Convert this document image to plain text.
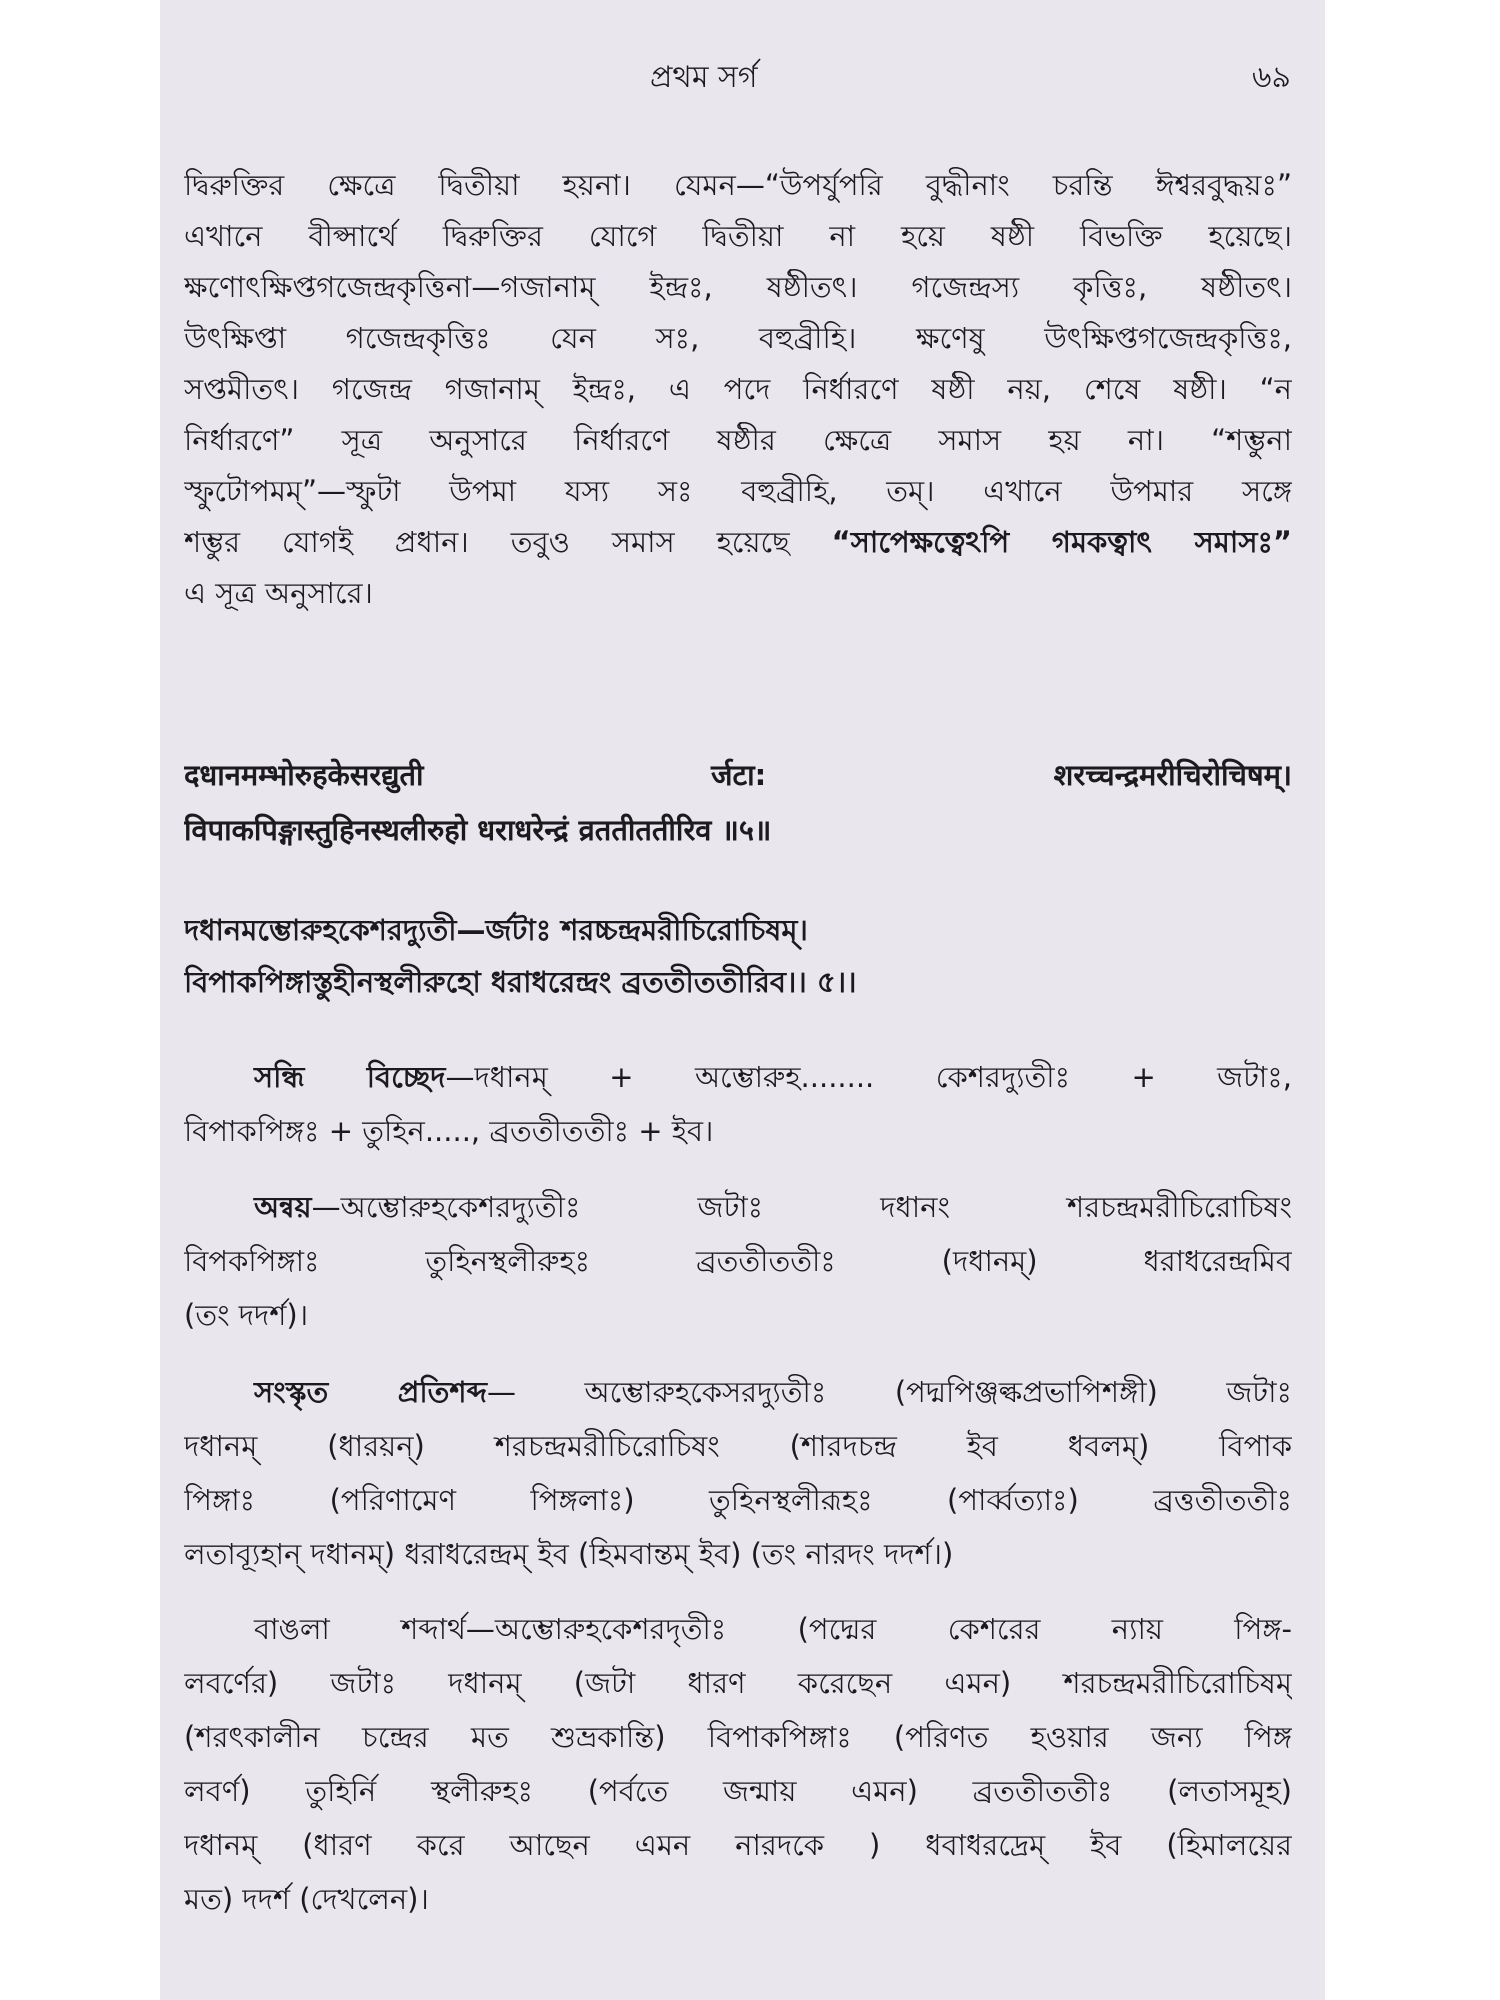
প্রথম সর্গ	৬৯

দ্বিরুক্তির ক্ষেত্রে দ্বিতীয়া হয়না। যেমন—“উপর্যুপরি বুদ্ধীনাং চরন্তি ঈশ্বরবুদ্ধয়ঃ”

এখানে বীপ্সার্থে দ্বিরুক্তির যোগে দ্বিতীয়া না হয়ে ষষ্ঠী বিভক্তি হয়েছে।

ক্ষণোৎক্ষিপ্তগজেন্দ্রকৃত্তিনা—গজানাম্ ইন্দ্রঃ, ষষ্ঠীতৎ। গজেন্দ্রস্য কৃত্তিঃ, ষষ্ঠীতৎ।

উৎক্ষিপ্তা গজেন্দ্রকৃত্তিঃ যেন সঃ, বহুব্রীহি। ক্ষণেষু উৎক্ষিপ্তগজেন্দ্রকৃত্তিঃ,

সপ্তমীতৎ। গজেন্দ্র গজানাম্ ইন্দ্রঃ, এ পদে নির্ধারণে ষষ্ঠী নয়, শেষে ষষ্ঠী। “ন

নির্ধারণে” সূত্র অনুসারে নির্ধারণে ষষ্ঠীর ক্ষেত্রে সমাস হয় না। “শম্ভুনা

স্ফুটোপমম্”—স্ফুটা উপমা যস্য সঃ বহুব্রীহি, তম্। এখানে উপমার সঙ্গে

শম্ভুর যোগই প্রধান। তবুও সমাস হয়েছে “সাপেক্ষত্বেঽপি গমকত্বাৎ সমাসঃ”

এ সূত্র অনুসারে।

दधानमम्भोरुहकेसरद्युती र्जटा: शरच्चन्द्रमरीचिरोचिषम्।

विपाकपिङ्गास्तुहिनस्थलीरुहो धराधरेन्द्रं व्रततीततीरिव ॥५॥

দধানমম্ভোরুহকেশরদ্যুতী—র্জটাঃ শরচ্চন্দ্রমরীচিরোচিষম্।

বিপাকপিঙ্গাস্তুহীনস্থলীরুহো ধরাধরেন্দ্রং ব্রততীততীরিব।। ৫।।

সন্ধি বিচ্ছেদ—দধানম্ + অম্ভোরুহ........ কেশরদ্যুতীঃ + জটাঃ,

বিপাকপিঙ্গঃ + তুহিন....., ব্রততীততীঃ + ইব।

অন্বয়—অম্ভোরুহকেশরদ্যুতীঃ জটাঃ দধানং শরচন্দ্রমরীচিরোচিষং

বিপকপিঙ্গাঃ তুহিনস্থলীরুহঃ ব্রততীততীঃ (দধানম্) ধরাধরেন্দ্রমিব

(তং দদর্শ)।

সংস্কৃত প্রতিশব্দ— অম্ভোরুহকেসরদ্যুতীঃ (পদ্মপিঞ্জল্কপ্রভাপিশঙ্গী) জটাঃ

দধানম্ (ধারয়ন্) শরচন্দ্রমরীচিরোচিষং (শারদচন্দ্র ইব ধবলম্) বিপাক

পিঙ্গাঃ (পরিণামেণ পিঙ্গলাঃ) তুহিনস্থলীরূহঃ (পার্ব্বত্যাঃ) ব্রত্ততীততীঃ

লতাব্যূহান্ দধানম্) ধরাধরেন্দ্রম্ ইব (হিমবান্তম্ ইব) (তং নারদং দদর্শ।)

বাঙলা শব্দার্থ—অম্ভোরুহকেশরদৃতীঃ (পদ্মের কেশরের ন্যায় পিঙ্গ-

লবর্ণের) জটাঃ দধানম্ (জটা ধারণ করেছেন এমন) শরচন্দ্রমরীচিরোচিষম্

(শরৎকালীন চন্দ্রের মত শুভ্রকান্তি) বিপাকপিঙ্গাঃ (পরিণত হওয়ার জন্য পিঙ্গ

লবর্ণ) তুহির্নি স্থলীরুহঃ (পর্বতে জন্মায় এমন) ব্রততীততীঃ (লতাসমূহ)

দধানম্ (ধারণ করে আছেন এমন নারদকে ) ধবাধরদ্রেম্ ইব (হিমালয়ের

মত) দদর্শ (দেখলেন)।
